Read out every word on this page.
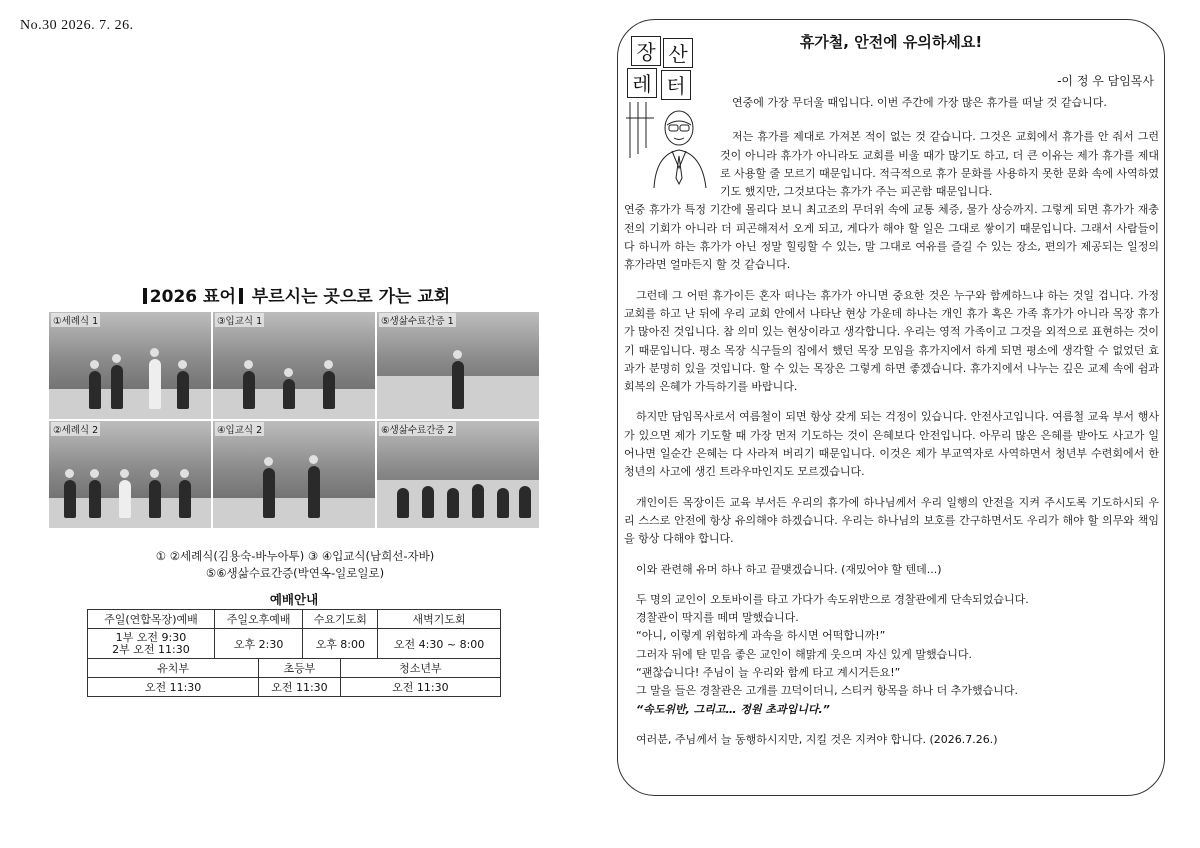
No.30 2026. 7. 26.
2026 표어 부르시는 곳으로 가는 교회
①세례식 1	③입교식 1	⑤생삶수료간증 1
②세례식 2	④입교식 2	⑥생삶수료간증 2
① ②세례식(김용숙-바누아투) ③ ④입교식(남희선-자바)
⑤⑥생삶수료간증(박연옥-일로일로)
예배안내					
주일(연합목장)예배	주일오후예배		수요기도회		새벽기도회

1부 오전 9:30
2부 오전 11:30	오후 2:30		오후 8:00		오전 4:30 ~ 8:00
유치부		초등부		청소년부	
오전 11:30		오전 11:30		오전 11:30	
장 산
레 터
휴가철, 안전에 유의하세요!
-이 정 우 담임목사

연중에 가장 무더울 때입니다. 이번 주간에 가장 많은 휴가를 떠날 것 같습니다.

저는 휴가를 제대로 가져본 적이 없는 것 같습니다. 그것은 교회에서 휴가를 안 줘서 그런 것이 아니라 휴가가 아니라도 교회를 비울 때가 많기도 하고, 더 큰 이유는 제가 휴가를 제대로 사용할 줄 모르기 때문입니다. 적극적으로 휴가 문화를 사용하지 못한 문화 속에 사역하였기도 했지만, 그것보다는 휴가가 주는 피곤함 때문입니다.

연중 휴가가 특정 기간에 몰리다 보니 최고조의 무더위 속에 교통 체증, 물가 상승까지. 그렇게 되면 휴가가 재충전의 기회가 아니라 더 피곤해져서 오게 되고, 게다가 해야 할 일은 그대로 쌓이기 때문입니다. 그래서 사람들이 다 하니까 하는 휴가가 아닌 정말 힐링할 수 있는, 말 그대로 여유를 즐길 수 있는 장소, 편의가 제공되는 일정의 휴가라면 얼마든지 할 것 같습니다.

그런데 그 어떤 휴가이든 혼자 떠나는 휴가가 아니면 중요한 것은 누구와 함께하느냐 하는 것일 겁니다. 가정교회를 하고 난 뒤에 우리 교회 안에서 나타난 현상 가운데 하나는 개인 휴가 혹은 가족 휴가가 아니라 목장 휴가가 많아진 것입니다. 참 의미 있는 현상이라고 생각합니다. 우리는 영적 가족이고 그것을 외적으로 표현하는 것이기 때문입니다. 평소 목장 식구들의 집에서 했던 목장 모임을 휴가지에서 하게 되면 평소에 생각할 수 없었던 효과가 분명히 있을 것입니다. 할 수 있는 목장은 그렇게 하면 좋겠습니다. 휴가지에서 나누는 깊은 교제 속에 쉼과 회복의 은혜가 가득하기를 바랍니다.

하지만 담임목사로서 여름철이 되면 항상 갖게 되는 걱정이 있습니다. 안전사고입니다. 여름철 교육 부서 행사가 있으면 제가 기도할 때 가장 먼저 기도하는 것이 은혜보다 안전입니다. 아무리 많은 은혜를 받아도 사고가 일어나면 일순간 은혜는 다 사라져 버리기 때문입니다. 이것은 제가 부교역자로 사역하면서 청년부 수련회에서 한 청년의 사고에 생긴 트라우마인지도 모르겠습니다.

개인이든 목장이든 교육 부서든 우리의 휴가에 하나님께서 우리 일행의 안전을 지켜 주시도록 기도하시되 우리 스스로 안전에 항상 유의해야 하겠습니다. 우리는 하나님의 보호를 간구하면서도 우리가 해야 할 의무와 책임을 항상 다해야 합니다.

이와 관련해 유머 하나 하고 끝맺겠습니다. (재밌어야 할 텐데...)

두 명의 교인이 오토바이를 타고 가다가 속도위반으로 경찰관에게 단속되었습니다.

경찰관이 딱지를 떼며 말했습니다.

“아니, 이렇게 위험하게 과속을 하시면 어떡합니까!”

그러자 뒤에 탄 믿음 좋은 교인이 해맑게 웃으며 자신 있게 말했습니다.

“괜찮습니다! 주님이 늘 우리와 함께 타고 계시거든요!”

그 말을 들은 경찰관은 고개를 끄덕이더니, 스티커 항목을 하나 더 추가했습니다.

“속도위반, 그리고… 정원 초과입니다.”

여러분, 주님께서 늘 동행하시지만, 지킬 것은 지켜야 합니다. (2026.7.26.)
